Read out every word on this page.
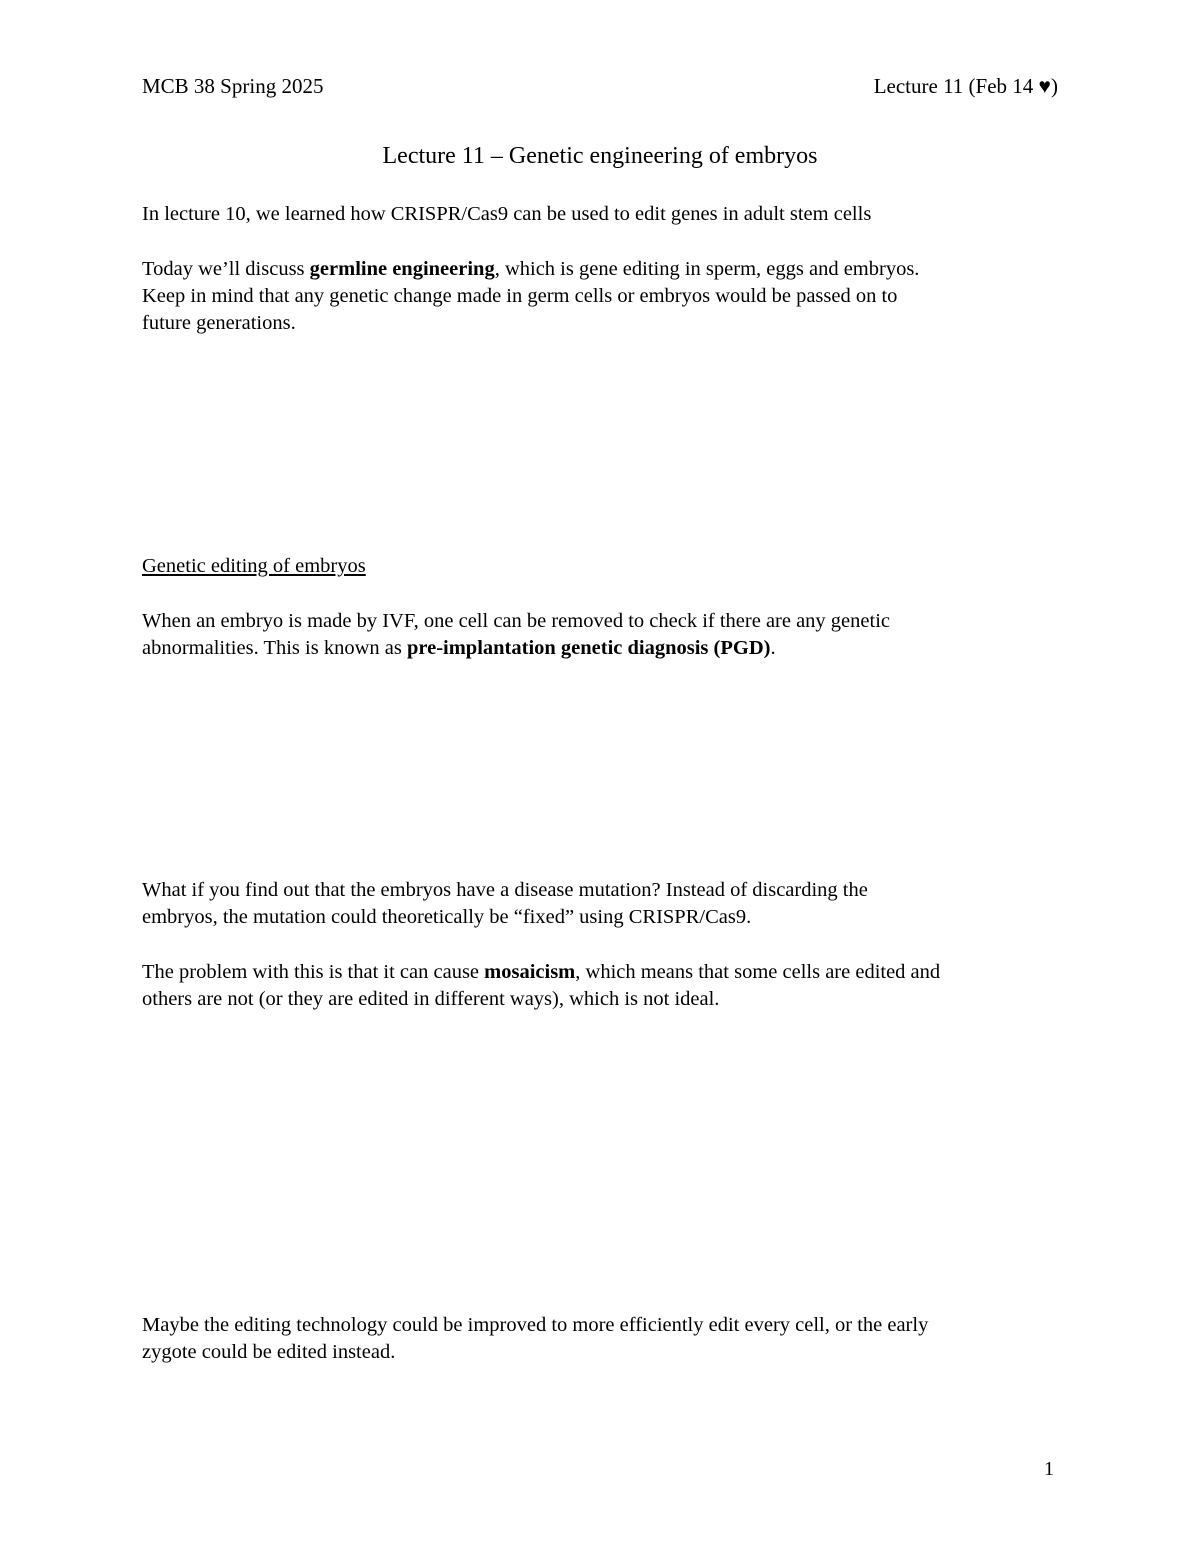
MCB 38 Spring 2025	Lecture 11 (Feb 14 ♥)
Lecture 11 – Genetic engineering of embryos

In lecture 10, we learned how CRISPR/Cas9 can be used to edit genes in adult stem cells

Today we’ll discuss germline engineering, which is gene editing in sperm, eggs and embryos.

Keep in mind that any genetic change made in germ cells or embryos would be passed on to

future generations.

Genetic editing of embryos

When an embryo is made by IVF, one cell can be removed to check if there are any genetic

abnormalities. This is known as pre-implantation genetic diagnosis (PGD).

What if you find out that the embryos have a disease mutation? Instead of discarding the

embryos, the mutation could theoretically be “fixed” using CRISPR/Cas9.

The problem with this is that it can cause mosaicism, which means that some cells are edited and

others are not (or they are edited in different ways), which is not ideal.

Maybe the editing technology could be improved to more efficiently edit every cell, or the early

zygote could be edited instead.

1
